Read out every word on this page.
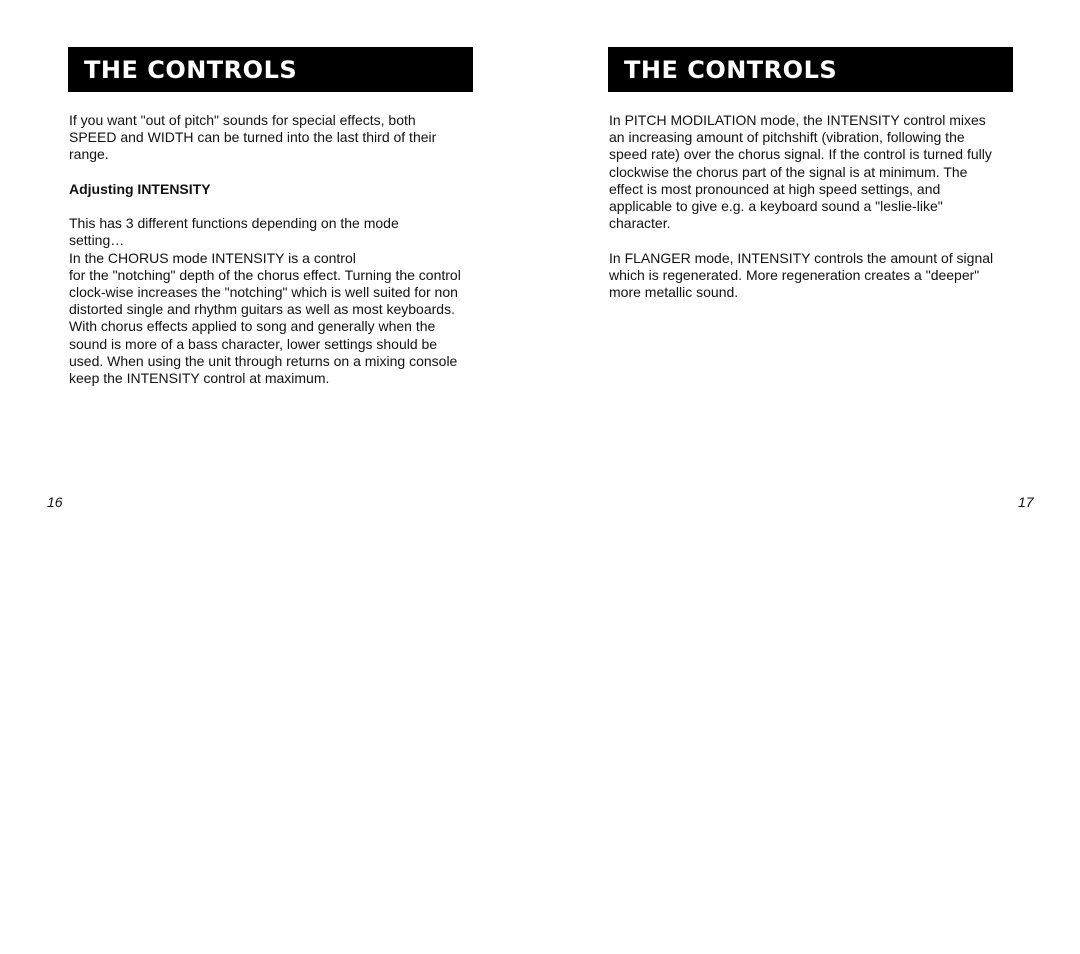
THE CONTROLS
If you want "out of pitch" sounds for special effects, both
SPEED and WIDTH can be turned into the last third of their
range.
Adjusting INTENSITY
This has 3 different functions depending on the mode
setting…
In the CHORUS mode INTENSITY is a control
for the "notching" depth of the chorus effect. Turning the control
clock-wise increases the "notching" which is well suited for non
distorted single and rhythm guitars as well as most keyboards.
With chorus effects applied to song and generally when the
sound is more of a bass character, lower settings should be
used. When using the unit through returns on a mixing console
keep the INTENSITY control at maximum.
16
THE CONTROLS
In PITCH MODILATION mode, the INTENSITY control mixes
an increasing amount of pitchshift (vibration, following the
speed rate) over the chorus signal. If the control is turned fully
clockwise the chorus part of the signal is at minimum. The
effect is most pronounced at high speed settings, and
applicable to give e.g. a keyboard sound a "leslie-like"
character.
In FLANGER mode, INTENSITY controls the amount of signal
which is regenerated. More regeneration creates a "deeper"
more metallic sound.
17
